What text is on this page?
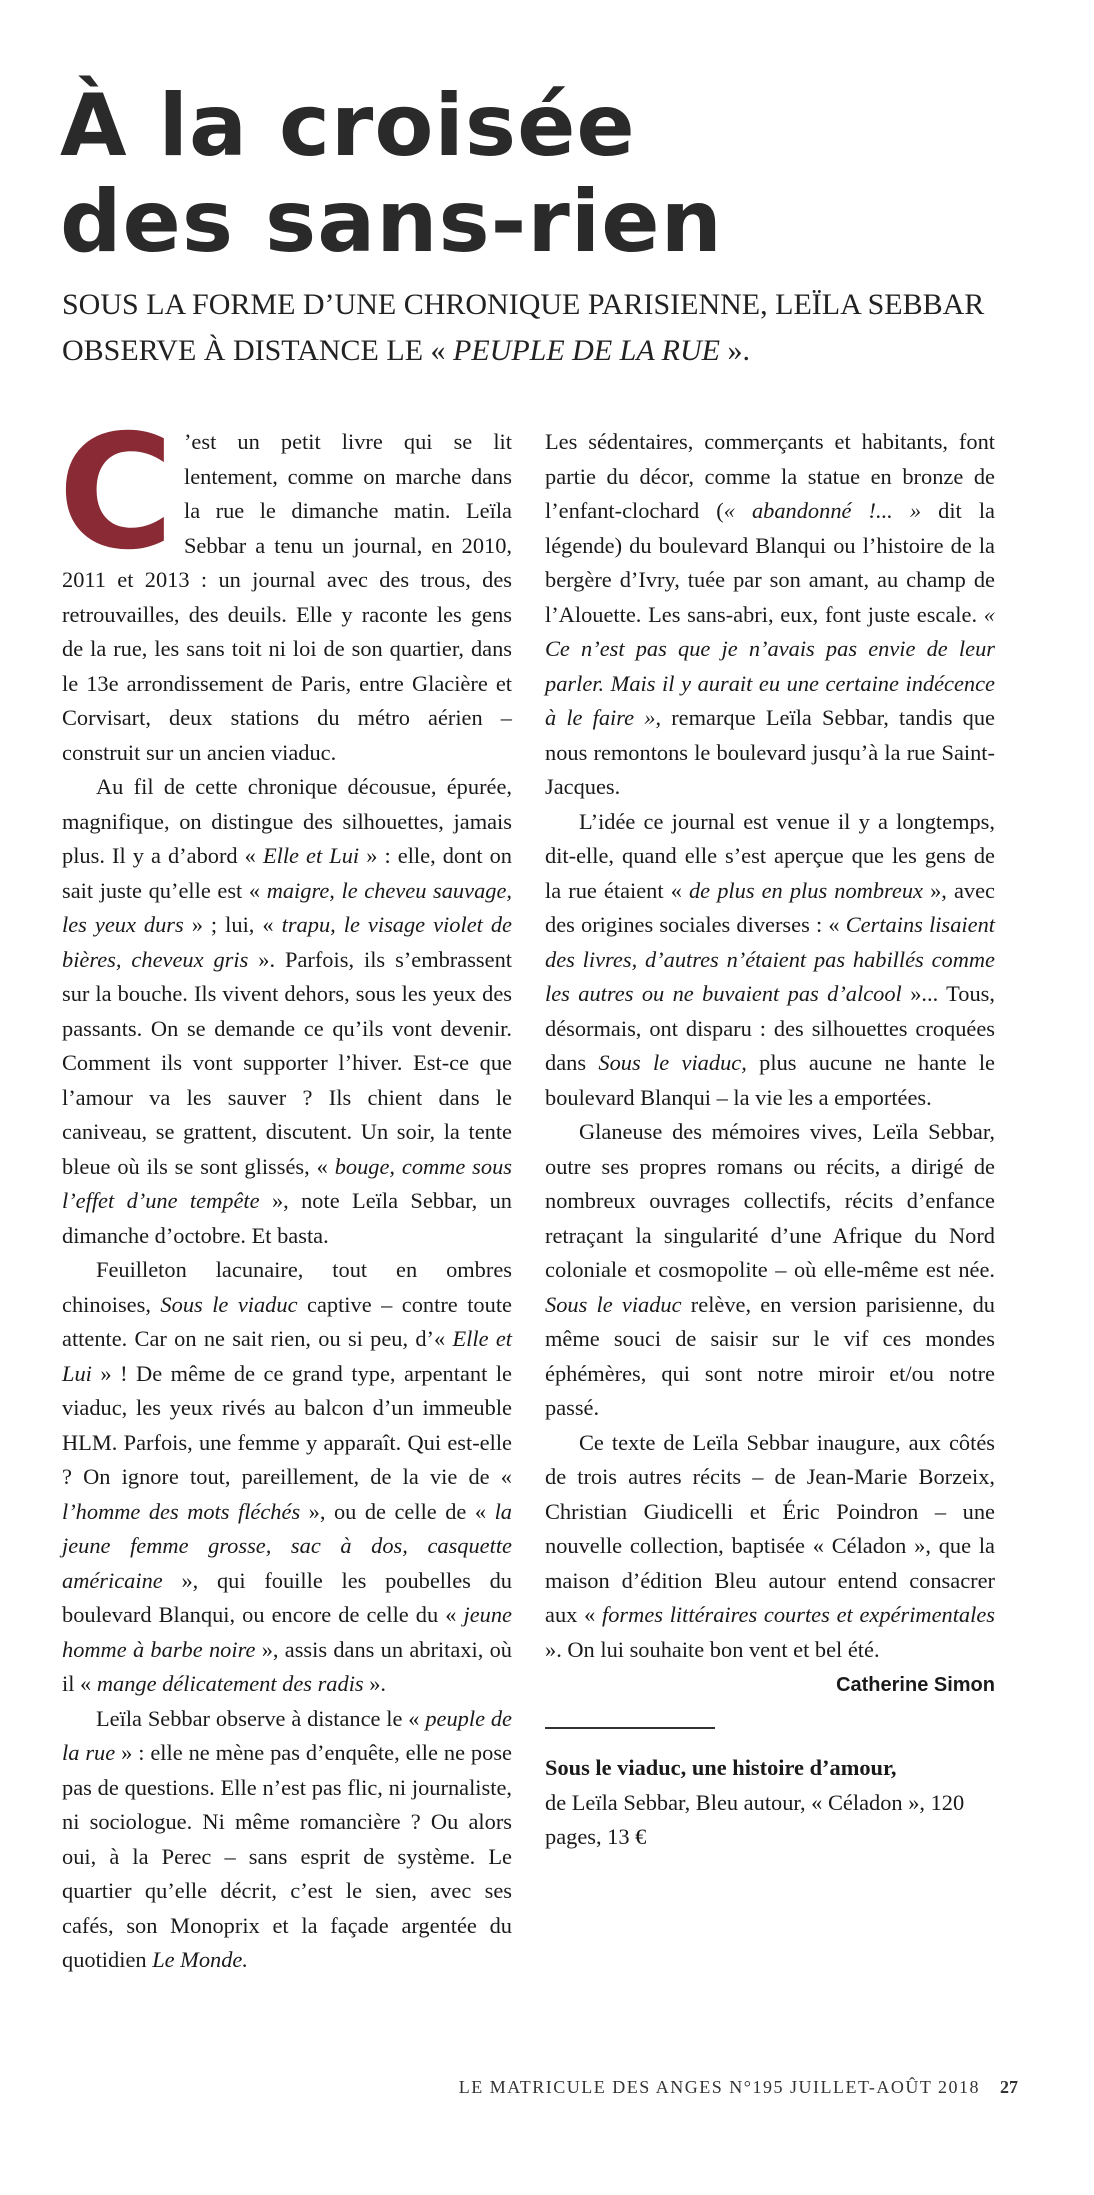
À la croisée
des sans-rien

SOUS LA FORME D’UNE CHRONIQUE PARISIENNE, LEÏLA SEBBAR OBSERVE À DISTANCE LE « PEUPLE DE LA RUE ».

C ’est un petit livre qui se lit lentement, comme on marche dans la rue le dimanche matin. Leïla Sebbar a tenu un journal, en 2010, 2011 et 2013 : un journal avec des trous, des retrouvailles, des deuils. Elle y raconte les gens de la rue, les sans toit ni loi de son quartier, dans le 13e arrondissement de Paris, entre Glacière et Corvisart, deux stations du métro aérien – construit sur un ancien viaduc.

Au fil de cette chronique décousue, épurée, magnifique, on distingue des silhouettes, jamais plus. Il y a d’abord « Elle et Lui » : elle, dont on sait juste qu’elle est « maigre, le cheveu sauvage, les yeux durs » ; lui, « trapu, le visage violet de bières, cheveux gris ». Parfois, ils s’embrassent sur la bouche. Ils vivent dehors, sous les yeux des passants. On se demande ce qu’ils vont devenir. Comment ils vont supporter l’hiver. Est-ce que l’amour va les sauver ? Ils chient dans le caniveau, se grattent, discutent. Un soir, la tente bleue où ils se sont glissés, « bouge, comme sous l’effet d’une tempête », note Leïla Sebbar, un dimanche d’octobre. Et basta.

Feuilleton lacunaire, tout en ombres chinoises, Sous le viaduc captive – contre toute attente. Car on ne sait rien, ou si peu, d’« Elle et Lui » ! De même de ce grand type, arpentant le viaduc, les yeux rivés au balcon d’un immeuble HLM. Parfois, une femme y apparaît. Qui est-elle ? On ignore tout, pareillement, de la vie de « l’homme des mots fléchés », ou de celle de « la jeune femme grosse, sac à dos, casquette américaine », qui fouille les poubelles du boulevard Blanqui, ou encore de celle du « jeune homme à barbe noire », assis dans un abritaxi, où il « mange délicatement des radis ».

Leïla Sebbar observe à distance le « peuple de la rue » : elle ne mène pas d’enquête, elle ne pose pas de questions. Elle n’est pas flic, ni journaliste, ni sociologue. Ni même romancière ? Ou alors oui, à la Perec – sans esprit de système. Le quartier qu’elle décrit, c’est le sien, avec ses cafés, son Monoprix et la façade argentée du quotidien Le Monde.

Les sédentaires, commerçants et habitants, font partie du décor, comme la statue en bronze de l’enfant-clochard (« abandonné !... » dit la légende) du boulevard Blanqui ou l’histoire de la bergère d’Ivry, tuée par son amant, au champ de l’Alouette. Les sans-abri, eux, font juste escale. « Ce n’est pas que je n’avais pas envie de leur parler. Mais il y aurait eu une certaine indécence à le faire », remarque Leïla Sebbar, tandis que nous remontons le boulevard jusqu’à la rue Saint-Jacques.

L’idée ce journal est venue il y a longtemps, dit-elle, quand elle s’est aperçue que les gens de la rue étaient « de plus en plus nombreux », avec des origines sociales diverses : « Certains lisaient des livres, d’autres n’étaient pas habillés comme les autres ou ne buvaient pas d’alcool »... Tous, désormais, ont disparu : des silhouettes croquées dans Sous le viaduc, plus aucune ne hante le boulevard Blanqui – la vie les a emportées.

Glaneuse des mémoires vives, Leïla Sebbar, outre ses propres romans ou récits, a dirigé de nombreux ouvrages collectifs, récits d’enfance retraçant la singularité d’une Afrique du Nord coloniale et cosmopolite – où elle-même est née. Sous le viaduc relève, en version parisienne, du même souci de saisir sur le vif ces mondes éphémères, qui sont notre miroir et/ou notre passé.

Ce texte de Leïla Sebbar inaugure, aux côtés de trois autres récits – de Jean-Marie Borzeix, Christian Giudicelli et Éric Poindron – une nouvelle collection, baptisée « Céladon », que la maison d’édition Bleu autour entend consacrer aux « formes littéraires courtes et expérimentales ». On lui souhaite bon vent et bel été.

Catherine Simon
Sous le viaduc, une histoire d’amour,
de Leïla Sebbar, Bleu autour, « Céladon », 120 pages, 13 €
LE MATRICULE DES ANGES N°195 JUILLET-AOÛT 2018 27
